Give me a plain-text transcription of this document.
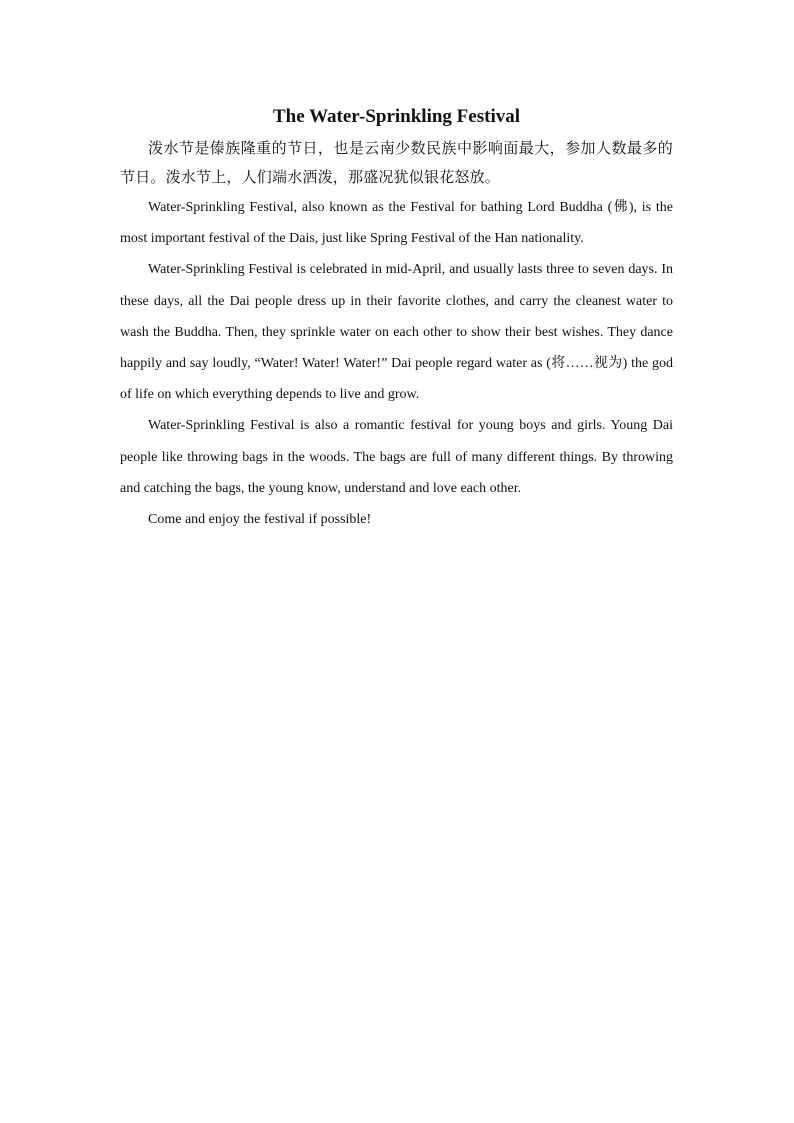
The Water-Sprinkling Festival

泼水节是傣族隆重的节日，也是云南少数民族中影响面最大，参加人数最多的节日。泼水节上，人们端水洒泼，那盛况犹似银花怒放。

Water-Sprinkling Festival, also known as the Festival for bathing Lord Buddha (佛), is the most important festival of the Dais, just like Spring Festival of the Han nationality.

Water-Sprinkling Festival is celebrated in mid-April, and usually lasts three to seven days. In these days, all the Dai people dress up in their favorite clothes, and carry the cleanest water to wash the Buddha. Then, they sprinkle water on each other to show their best wishes. They dance happily and say loudly, “Water! Water! Water!” Dai people regard water as (将……视为) the god of life on which everything depends to live and grow.

Water-Sprinkling Festival is also a romantic festival for young boys and girls. Young Dai people like throwing bags in the woods. The bags are full of many different things. By throwing and catching the bags, the young know, understand and love each other.

Come and enjoy the festival if possible!
